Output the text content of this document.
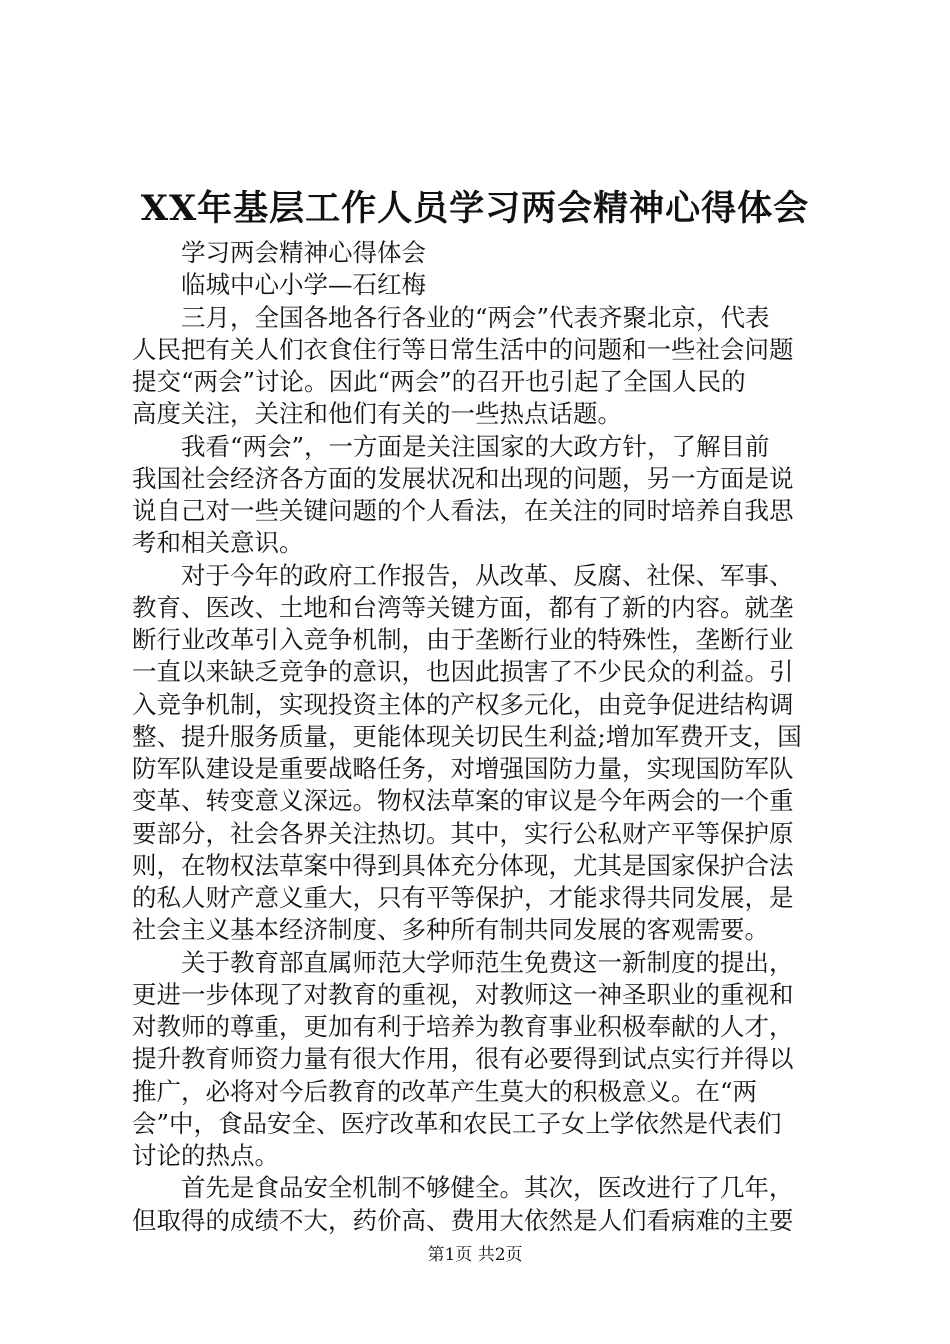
XX年基层工作人员学习两会精神心得体会
学习两会精神心得体会
临城中心小学—石红梅
三月，全国各地各行各业的“两会”代表齐聚北京，代表
人民把有关人们衣食住行等日常生活中的问题和一些社会问题
提交“两会”讨论。因此“两会”的召开也引起了全国人民的
高度关注，关注和他们有关的一些热点话题。
我看“两会”，一方面是关注国家的大政方针，了解目前
我国社会经济各方面的发展状况和出现的问题，另一方面是说
说自己对一些关键问题的个人看法，在关注的同时培养自我思
考和相关意识。
对于今年的政府工作报告，从改革、反腐、社保、军事、
教育、医改、土地和台湾等关键方面，都有了新的内容。就垄
断行业改革引入竞争机制，由于垄断行业的特殊性，垄断行业
一直以来缺乏竞争的意识，也因此损害了不少民众的利益。引
入竞争机制，实现投资主体的产权多元化，由竞争促进结构调
整、提升服务质量，更能体现关切民生利益;增加军费开支，国
防军队建设是重要战略任务，对增强国防力量，实现国防军队
变革、转变意义深远。物权法草案的审议是今年两会的一个重
要部分，社会各界关注热切。其中，实行公私财产平等保护原
则，在物权法草案中得到具体充分体现，尤其是国家保护合法
的私人财产意义重大，只有平等保护，才能求得共同发展，是
社会主义基本经济制度、多种所有制共同发展的客观需要。
关于教育部直属师范大学师范生免费这一新制度的提出，
更进一步体现了对教育的重视，对教师这一神圣职业的重视和
对教师的尊重，更加有利于培养为教育事业积极奉献的人才，
提升教育师资力量有很大作用，很有必要得到试点实行并得以
推广，必将对今后教育的改革产生莫大的积极意义。在“两
会”中，食品安全、医疗改革和农民工子女上学依然是代表们
讨论的热点。
首先是食品安全机制不够健全。其次，医改进行了几年，
但取得的成绩不大，药价高、费用大依然是人们看病难的主要
第1页 共2页
